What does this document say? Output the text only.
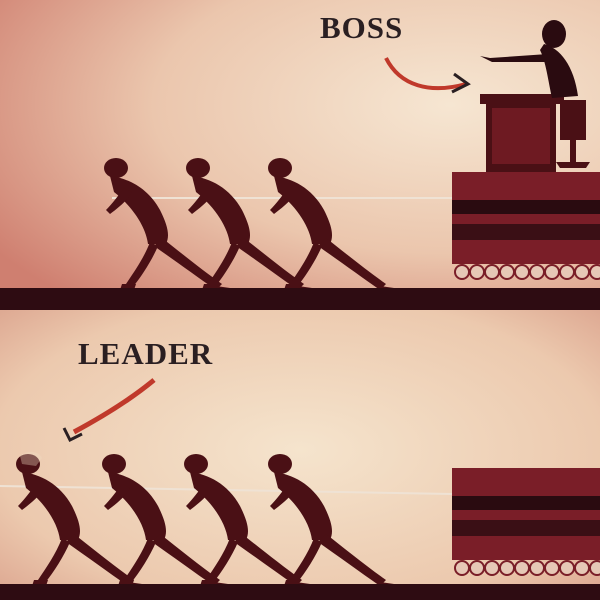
BOSS

LEADER
